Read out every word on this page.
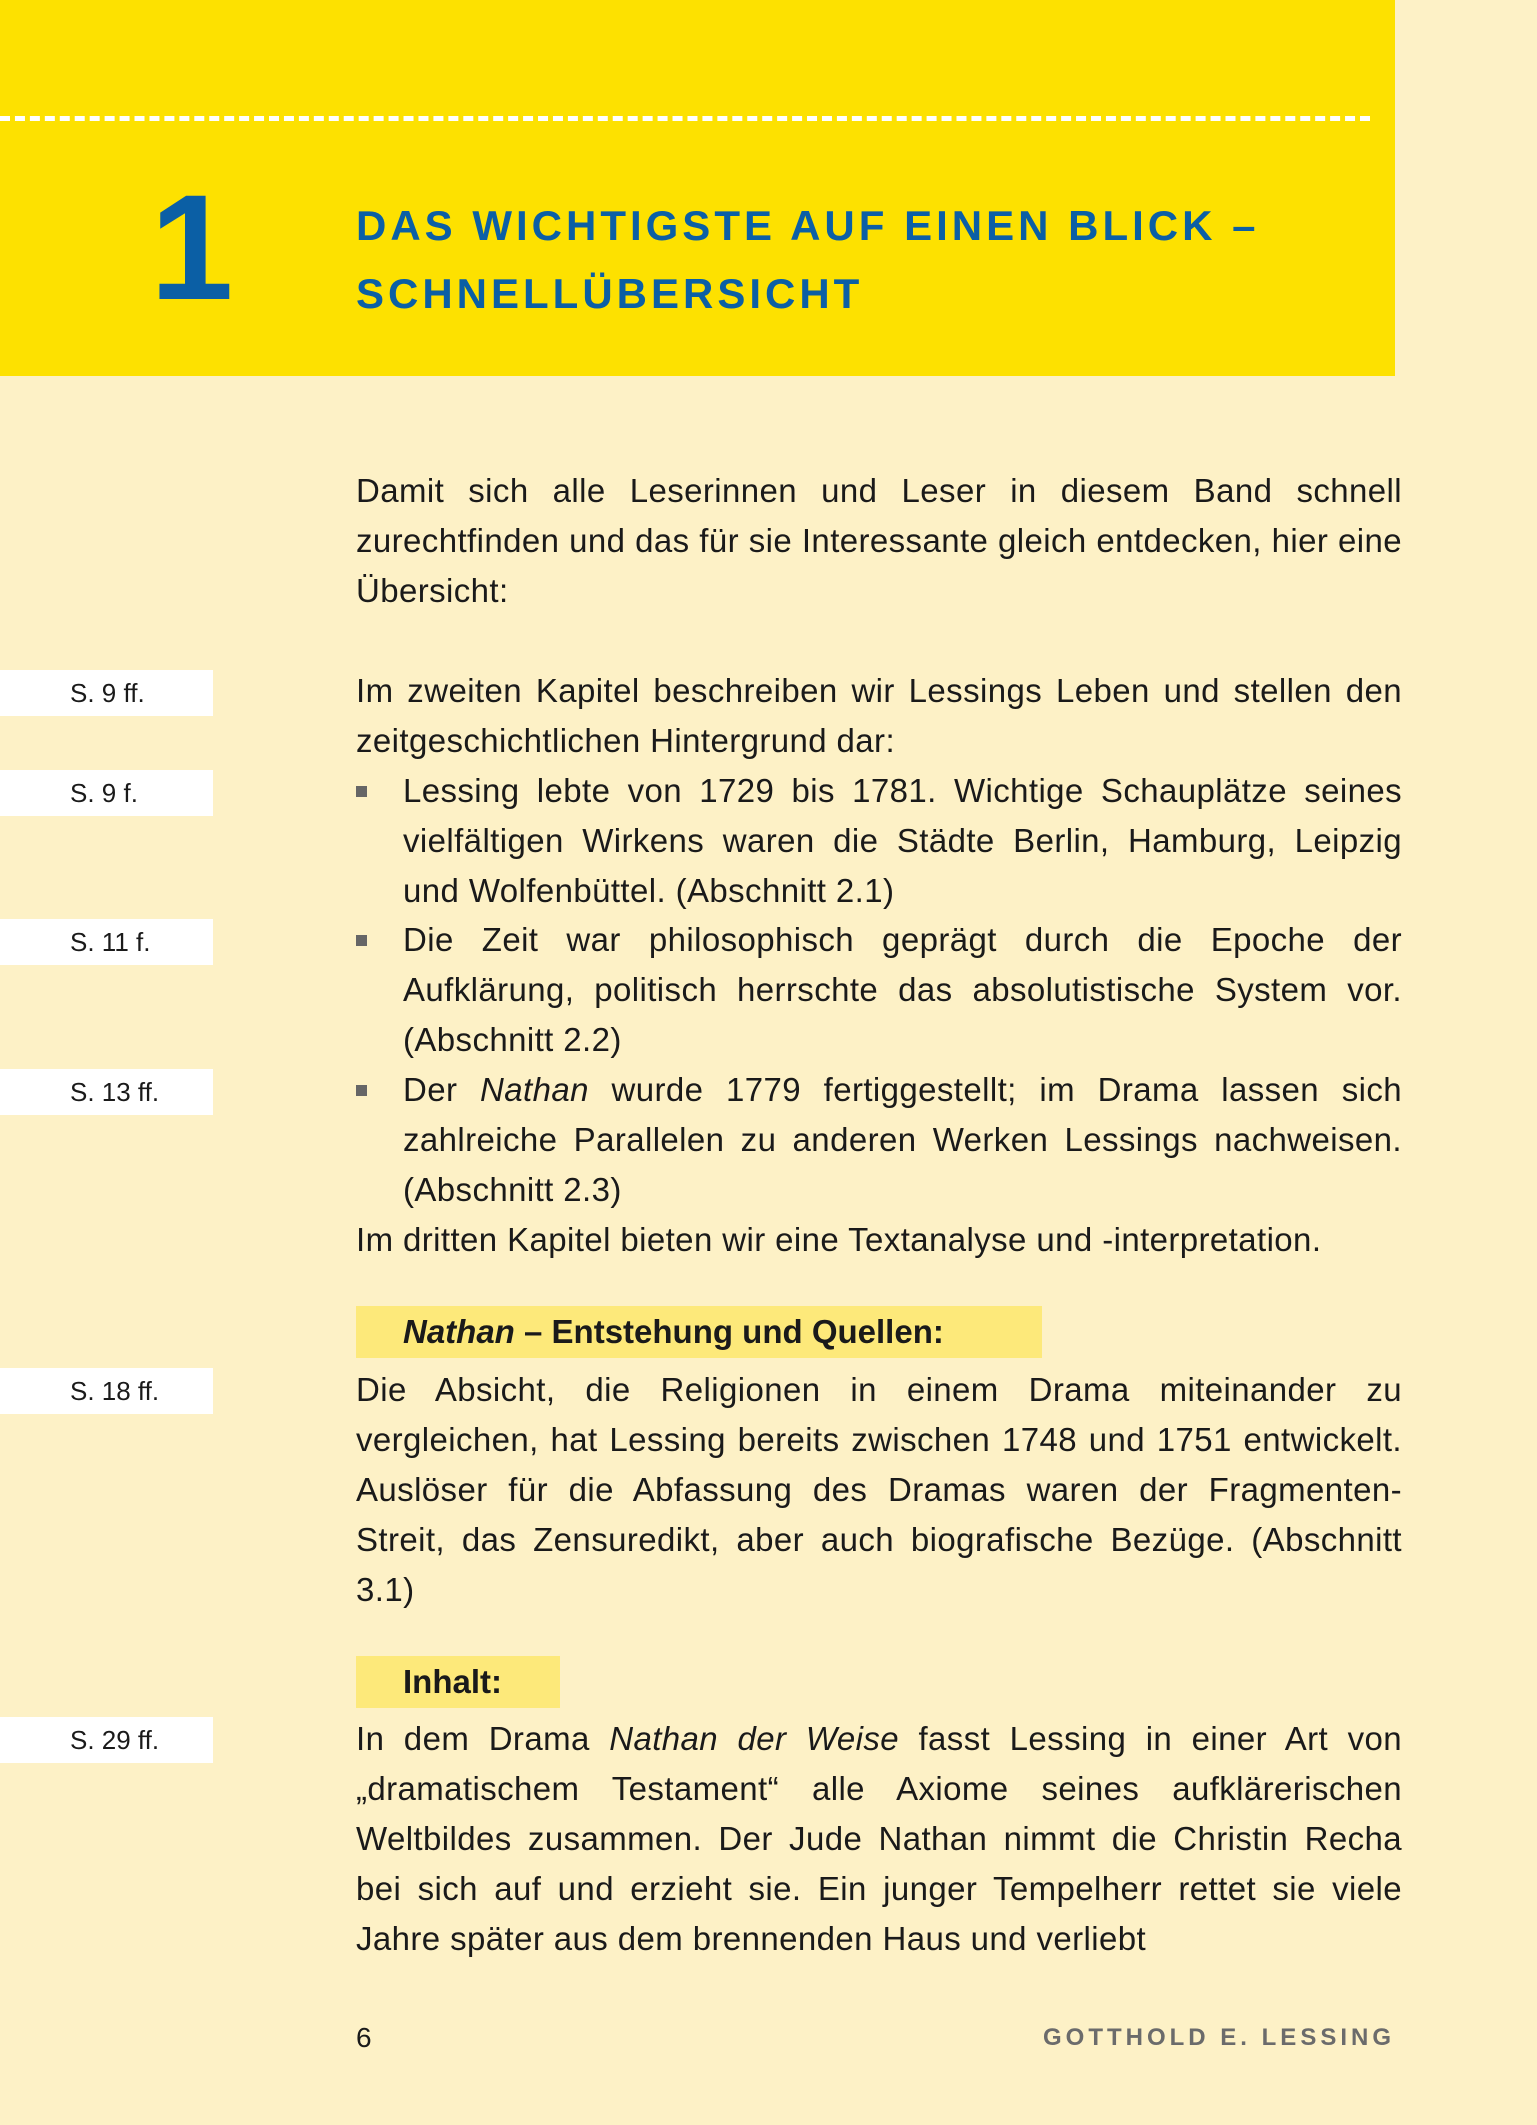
1	DAS WICHTIGSTE AUF EINEN BLICK –
SCHNELLÜBERSICHT

Damit sich alle Leserinnen und Leser in diesem Band schnell zurechtfinden und das für sie Interessante gleich entdecken, hier eine Übersicht:

S. 9 ff.
S. 9 f.
S. 11 f.
S. 13 ff.
S. 18 ff.
S. 29 ff.

Im zweiten Kapitel beschreiben wir Lessings Leben und stellen den zeitgeschichtlichen Hintergrund dar:

Lessing lebte von 1729 bis 1781. Wichtige Schauplätze seines vielfältigen Wirkens waren die Städte Berlin, Hamburg, Leipzig und Wolfenbüttel. (Abschnitt 2.1)
Die Zeit war philosophisch geprägt durch die Epoche der Aufklärung, politisch herrschte das absolutistische System vor. (Abschnitt 2.2)
Der Nathan wurde 1779 fertiggestellt; im Drama lassen sich zahlreiche Parallelen zu anderen Werken Lessings nachweisen. (Abschnitt 2.3)

Im dritten Kapitel bieten wir eine Textanalyse und -interpretation.

Nathan – Entstehung und Quellen:

Die Absicht, die Religionen in einem Drama miteinander zu vergleichen, hat Lessing bereits zwischen 1748 und 1751 entwickelt. Auslöser für die Abfassung des Dramas waren der Fragmenten-Streit, das Zensuredikt, aber auch biografische Bezüge. (Abschnitt 3.1)

Inhalt:

In dem Drama Nathan der Weise fasst Lessing in einer Art von „dramatischem Testament“ alle Axiome seines aufklärerischen Weltbildes zusammen. Der Jude Nathan nimmt die Christin Recha bei sich auf und erzieht sie. Ein junger Tempelherr rettet sie viele Jahre später aus dem brennenden Haus und verliebt

6	GOTTHOLD E. LESSING
